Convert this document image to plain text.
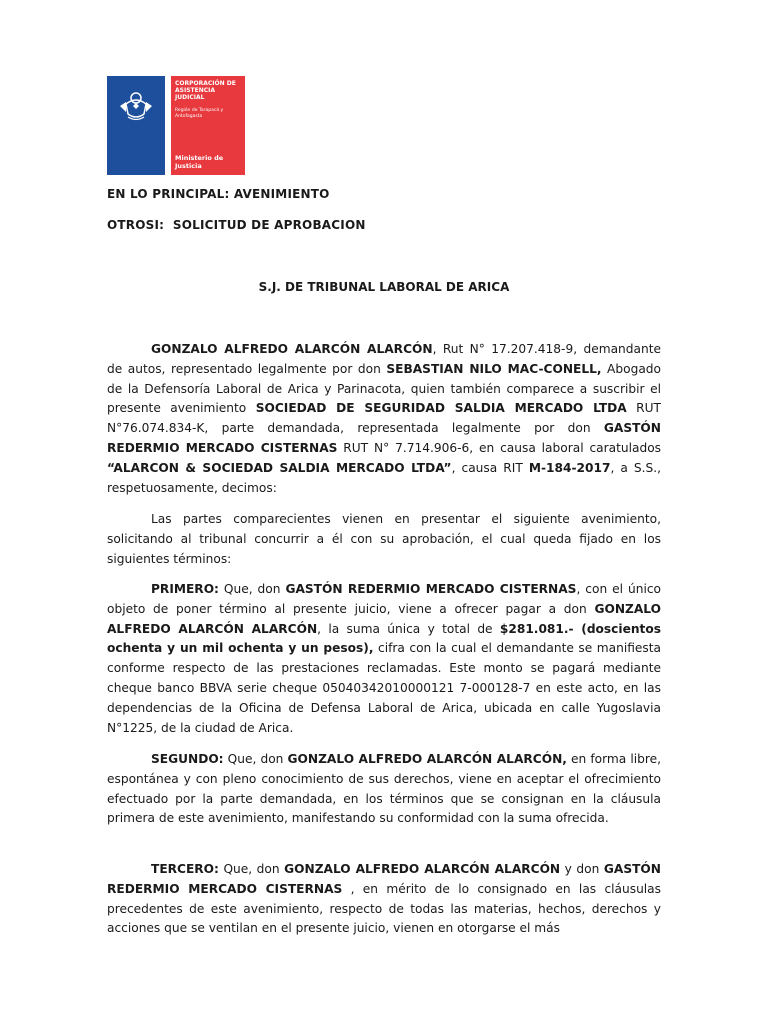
CORPORACIÓN DE ASISTENCIA JUDICIAL
Región de Tarapacá y Antofagasta
Ministerio de Justicia
EN LO PRINCIPAL: AVENIMIENTO
OTROSI:  SOLICITUD DE APROBACION
S.J. DE TRIBUNAL LABORAL DE ARICA
GONZALO ALFREDO ALARCÓN ALARCÓN, Rut N° 17.207.418-9, demandante de autos, representado legalmente por don SEBASTIAN NILO MAC-CONELL, Abogado de la Defensoría Laboral de Arica y Parinacota, quien también comparece a suscribir el presente avenimiento SOCIEDAD DE SEGURIDAD SALDIA MERCADO LTDA RUT N°76.074.834-K, parte demandada, representada legalmente por don GASTÓN REDERMIO MERCADO CISTERNAS RUT N° 7.714.906-6, en causa laboral caratulados “ALARCON & SOCIEDAD SALDIA MERCADO LTDA”, causa RIT M-184-2017, a S.S., respetuosamente, decimos:
Las partes comparecientes vienen en presentar el siguiente avenimiento, solicitando al tribunal concurrir a él con su aprobación, el cual queda fijado en los siguientes términos:
PRIMERO: Que, don GASTÓN REDERMIO MERCADO CISTERNAS, con el único objeto de poner término al presente juicio, viene a ofrecer pagar a don GONZALO ALFREDO ALARCÓN ALARCÓN, la suma única y total de $281.081.- (doscientos ochenta y un mil ochenta y un pesos), cifra con la cual el demandante se manifiesta conforme respecto de las prestaciones reclamadas. Este monto se pagará mediante cheque banco BBVA serie cheque 05040342010000121 7-000128-7 en este acto, en las dependencias de la Oficina de Defensa Laboral de Arica, ubicada en calle Yugoslavia N°1225, de la ciudad de Arica.
SEGUNDO: Que, don GONZALO ALFREDO ALARCÓN ALARCÓN, en forma libre, espontánea y con pleno conocimiento de sus derechos, viene en aceptar el ofrecimiento efectuado por la parte demandada, en los términos que se consignan en la cláusula primera de este avenimiento, manifestando su conformidad con la suma ofrecida.
TERCERO: Que, don GONZALO ALFREDO ALARCÓN ALARCÓN y don GASTÓN REDERMIO MERCADO CISTERNAS , en mérito de lo consignado en las cláusulas precedentes de este avenimiento, respecto de todas las materias, hechos, derechos y acciones que se ventilan en el presente juicio, vienen en otorgarse el más
